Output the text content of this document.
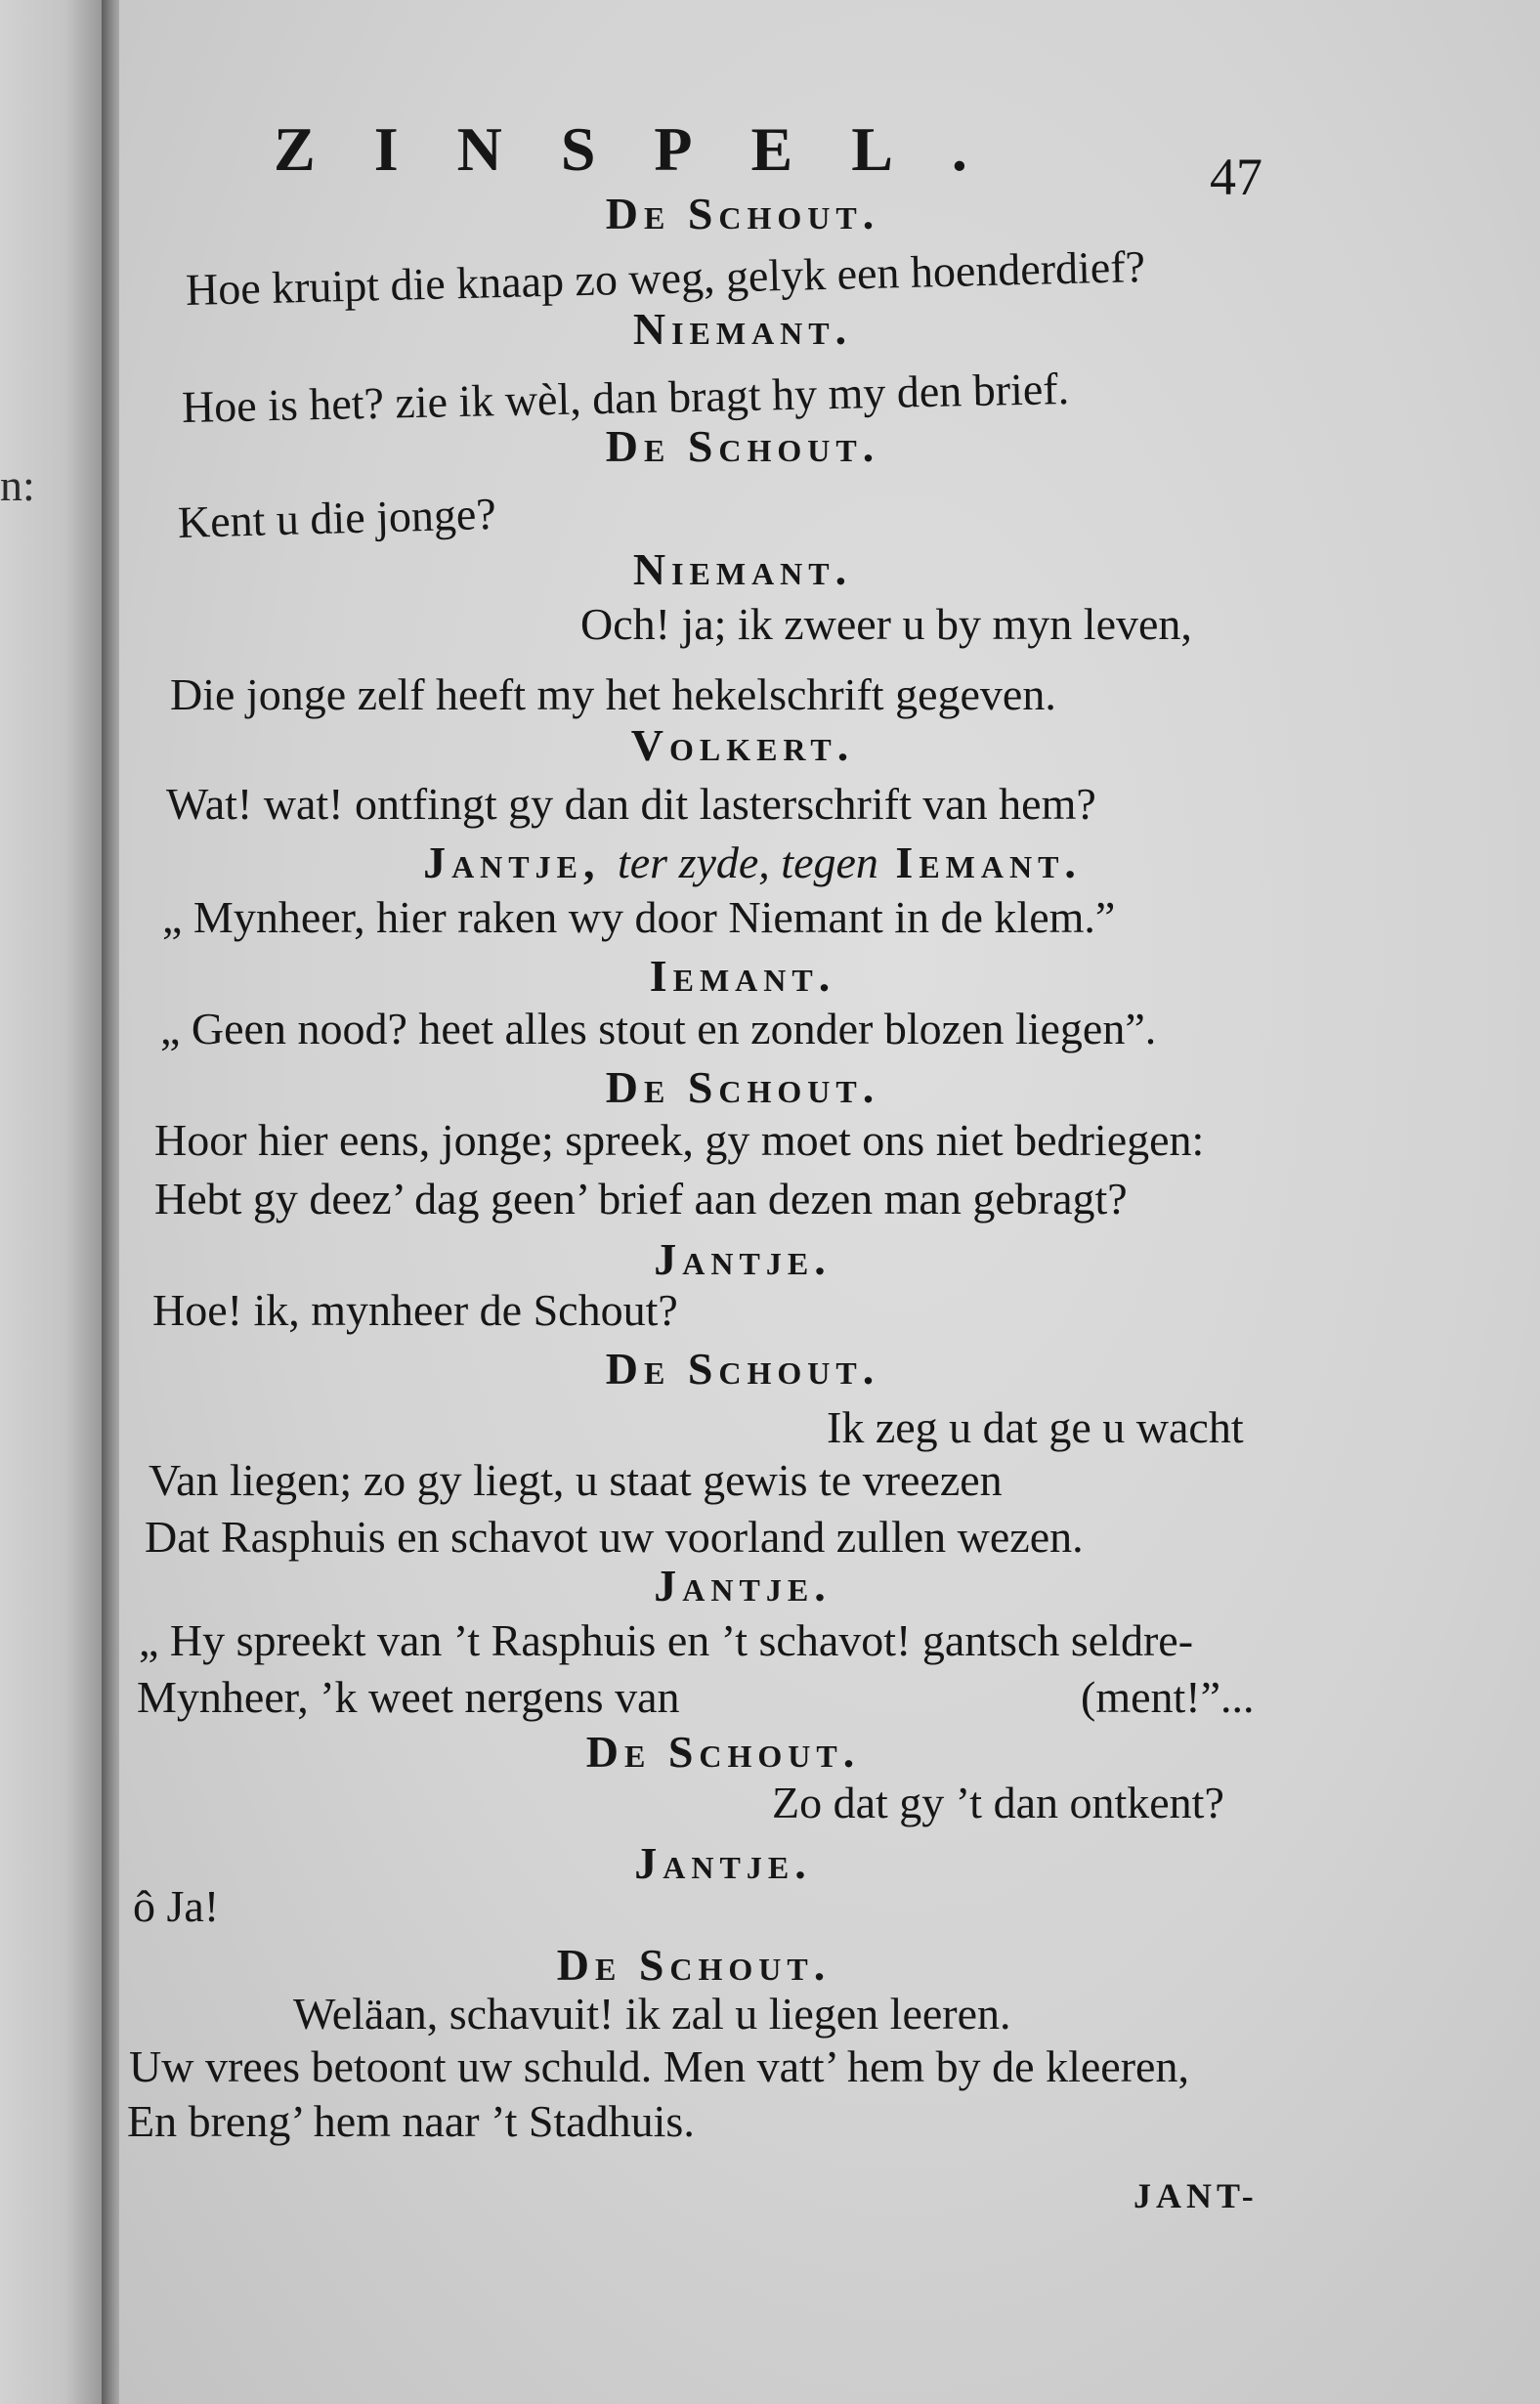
n:
ZINSPEL.	47
De Schout.
Hoe kruipt die knaap zo weg, gelyk een hoenderdief?
Niemant.
Hoe is het? zie ik wèl, dan bragt hy my den brief.
De Schout.
Kent u die jonge?
Niemant.
Och! ja; ik zweer u by myn leven,
Die jonge zelf heeft my het hekelschrift gegeven.
Volkert.
Wat! wat! ontfingt gy dan dit lasterschrift van hem?
Jantje, ter zyde, tegen Iemant.
„ Mynheer, hier raken wy door Niemant in de klem.”
Iemant.
„ Geen nood? heet alles stout en zonder blozen liegen”.
De Schout.
Hoor hier eens, jonge; spreek, gy moet ons niet bedriegen:
Hebt gy deez’ dag geen’ brief aan dezen man gebragt?
Jantje.
Hoe! ik, mynheer de Schout?
De Schout.
Ik zeg u dat ge u wacht
Van liegen; zo gy liegt, u staat gewis te vreezen
Dat Rasphuis en schavot uw voorland zullen wezen.
Jantje.
„ Hy spreekt van ’t Rasphuis en ’t schavot! gantsch seldre-
Mynheer, ’k weet nergens van	(ment!”...
De Schout.
Zo dat gy ’t dan ontkent?
Jantje.
ô Ja!
De Schout.
Weläan, schavuit! ik zal u liegen leeren.
Uw vrees betoont uw schuld. Men vatt’ hem by de kleeren,
En breng’ hem naar ’t Stadhuis.
JANT-
